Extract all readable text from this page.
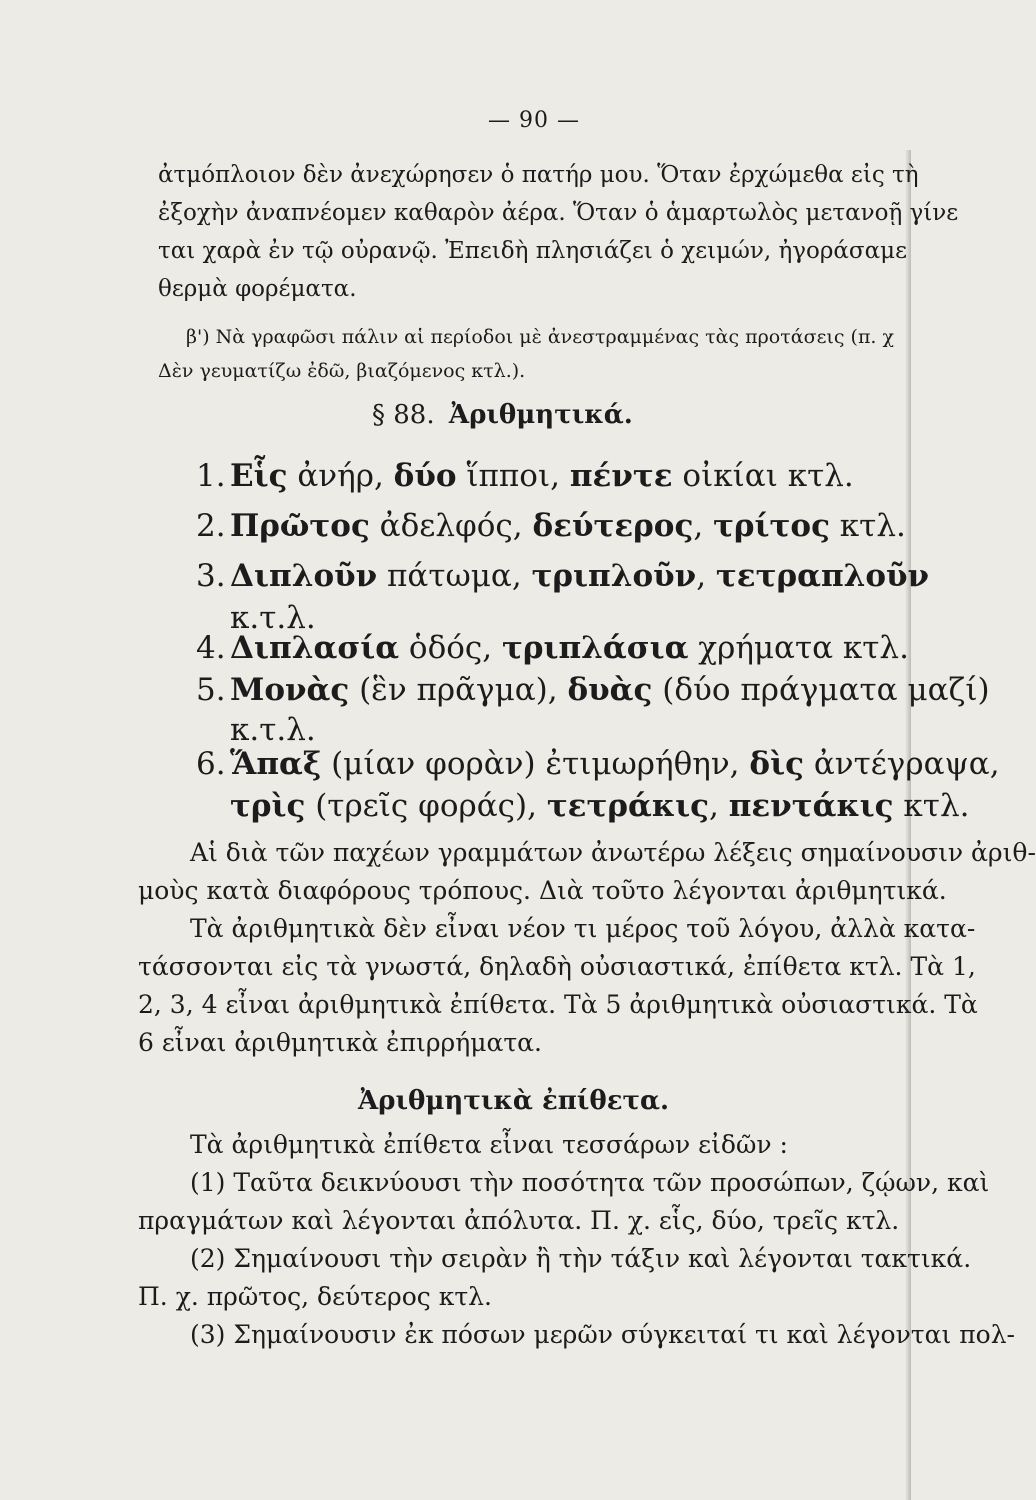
— 90 —
ἀτμόπλοιον δὲν ἀνεχώρησεν ὁ πατήρ μου. Ὅταν ἐρχώμεθα εἰς τὴ
ἐξοχὴν ἀναπνέομεν καθαρὸν ἀέρα. Ὅταν ὁ ἁμαρτωλὸς μετανοῇ γίνε
ται χαρὰ ἐν τῷ οὐρανῷ. Ἐπειδὴ πλησιάζει ὁ χειμών, ἠγοράσαμε
θερμὰ φορέματα.
β') Νὰ γραφῶσι πάλιν αἱ περίοδοι μὲ ἀνεστραμμένας τὰς προτάσεις (π. χ
Δὲν γευματίζω ἐδῶ, βιαζόμενος κτλ.).
§ 88. Ἀριθμητικά.
1. Εἷς ἀνήρ, δύο ἵπποι, πέντε οἰκίαι κτλ.
2. Πρῶτος ἀδελφός, δεύτερος, τρίτος κτλ.
3. Διπλοῦν πάτωμα, τριπλοῦν, τετραπλοῦν
κ.τ.λ.
4. Διπλασία ὁδός, τριπλάσια χρήματα κτλ.
5. Μονὰς (ἓν πρᾶγμα), δυὰς (δύο πράγματα μαζί)
κ.τ.λ.
6. Ἅπαξ (μίαν φορὰν) ἐτιμωρήθην, δὶς ἀντέγραψα,
τρὶς (τρεῖς φοράς), τετράκις, πεντάκις κτλ.
Αἱ διὰ τῶν παχέων γραμμάτων ἀνωτέρω λέξεις σημαίνουσιν ἀριθ-
μοὺς κατὰ διαφόρους τρόπους. Διὰ τοῦτο λέγονται ἀριθμητικά.
Τὰ ἀριθμητικὰ δὲν εἶναι νέον τι μέρος τοῦ λόγου, ἀλλὰ κατα-
τάσσονται εἰς τὰ γνωστά, δηλαδὴ οὐσιαστικά, ἐπίθετα κτλ. Τὰ 1,
2, 3, 4 εἶναι ἀριθμητικὰ ἐπίθετα. Τὰ 5 ἀριθμητικὰ οὐσιαστικά. Τὰ
6 εἶναι ἀριθμητικὰ ἐπιρρήματα.
Ἀριθμητικὰ ἐπίθετα.
Τὰ ἀριθμητικὰ ἐπίθετα εἶναι τεσσάρων εἰδῶν :
(1) Ταῦτα δεικνύουσι τὴν ποσότητα τῶν προσώπων, ζῴων, καὶ
πραγμάτων καὶ λέγονται ἀπόλυτα. Π. χ. εἷς, δύο, τρεῖς κτλ.
(2) Σημαίνουσι τὴν σειρὰν ἢ τὴν τάξιν καὶ λέγονται τακτικά.
Π. χ. πρῶτος, δεύτερος κτλ.
(3) Σημαίνουσιν ἐκ πόσων μερῶν σύγκειταί τι καὶ λέγονται πολ-
